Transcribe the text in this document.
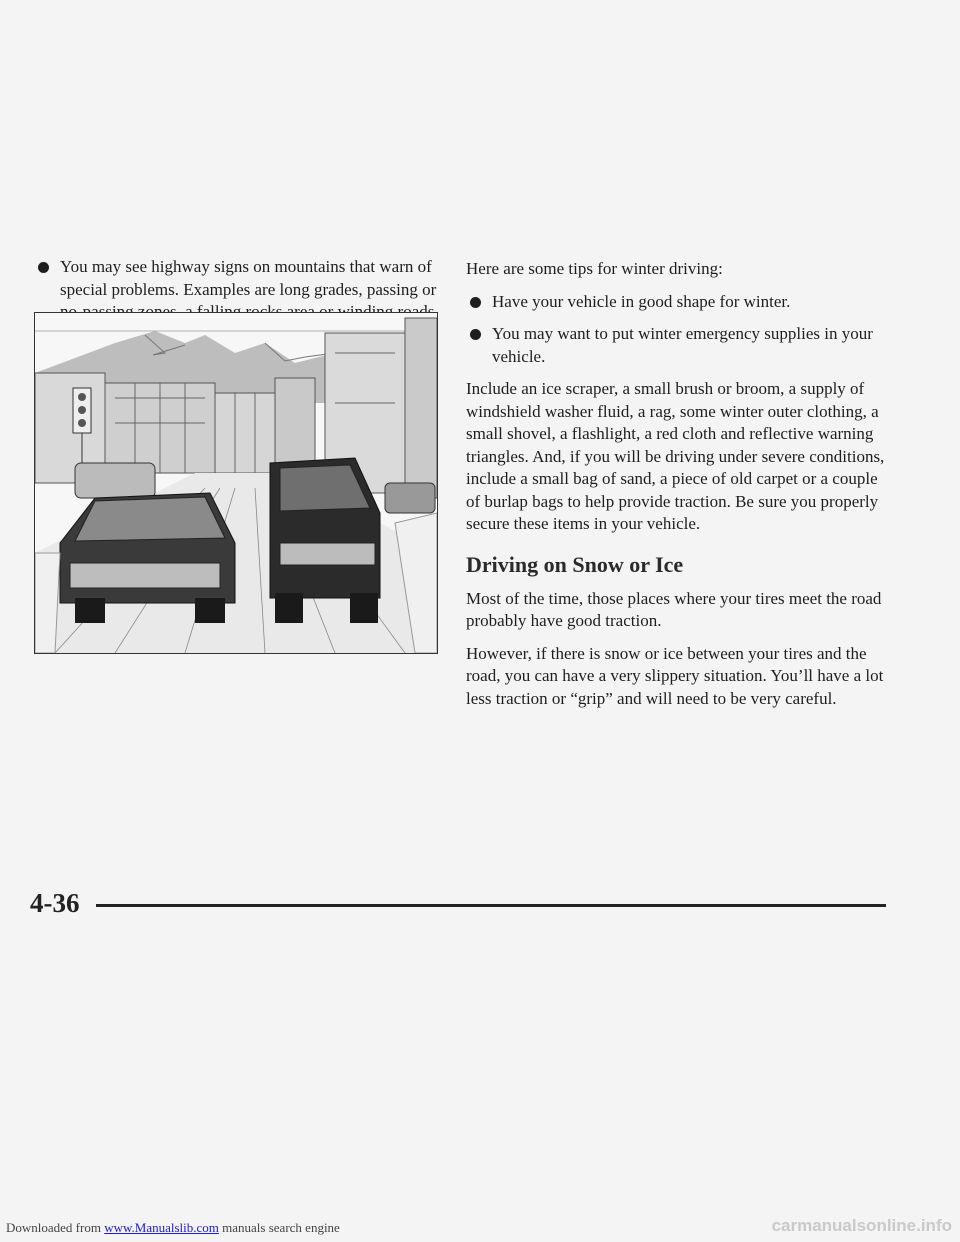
You may see highway signs on mountains that warn of special problems. Examples are long grades, passing or

Here are some tips for winter driving:

Have your vehicle in good shape for winter.
You may want to put winter emergency supplies in your vehicle.

Include an ice scraper, a small brush or broom, a supply of windshield washer fluid, a rag, some winter outer clothing, a small shovel, a flashlight, a red cloth and reflective warning triangles. And, if you will be driving under severe conditions, include a small bag of sand, a piece of old carpet or a couple of burlap bags to help provide traction. Be sure you properly secure these items in your vehicle.

Driving on Snow or Ice

Most of the time, those places where your tires meet the road probably have good traction.

However, if there is snow or ice between your tires and the road, you can have a very slippery situation. You’ll have a lot less traction or “grip” and will need to be very careful.

4-36
Downloaded from www.Manualslib.com manuals search engine	carmanualsonline.info
